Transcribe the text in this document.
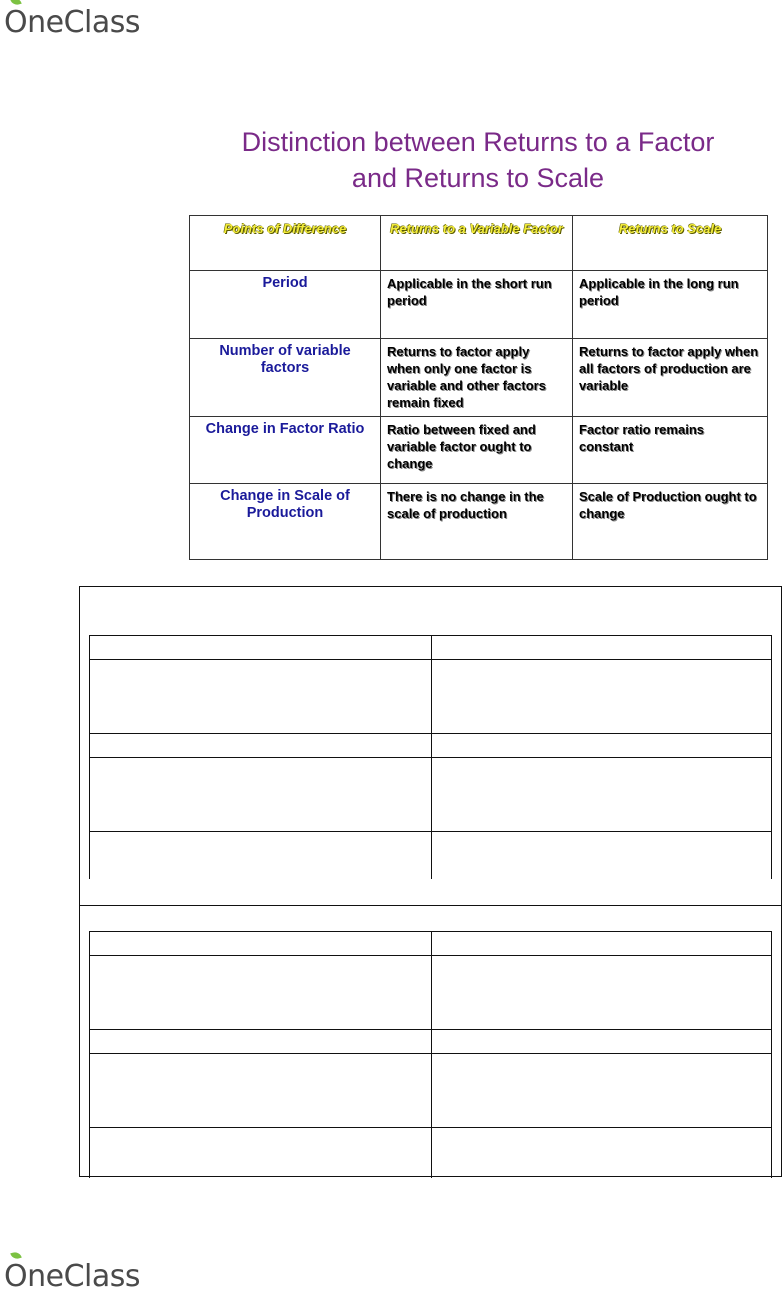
OneClass
Distinction between Returns to a Factor
and Returns to Scale
Points of Difference	Returns to a Variable Factor	Returns to Scale
Period	Applicable in the short run period	Applicable in the long run period
Number of variable factors	Returns to factor apply when only one factor is variable and other factors remain fixed	Returns to factor apply when all factors of production are variable
Change in Factor Ratio	Ratio between fixed and variable factor ought to change	Factor ratio remains constant
Change in Scale of Production	There is no change in the scale of production	Scale of Production ought to change
OneClass
